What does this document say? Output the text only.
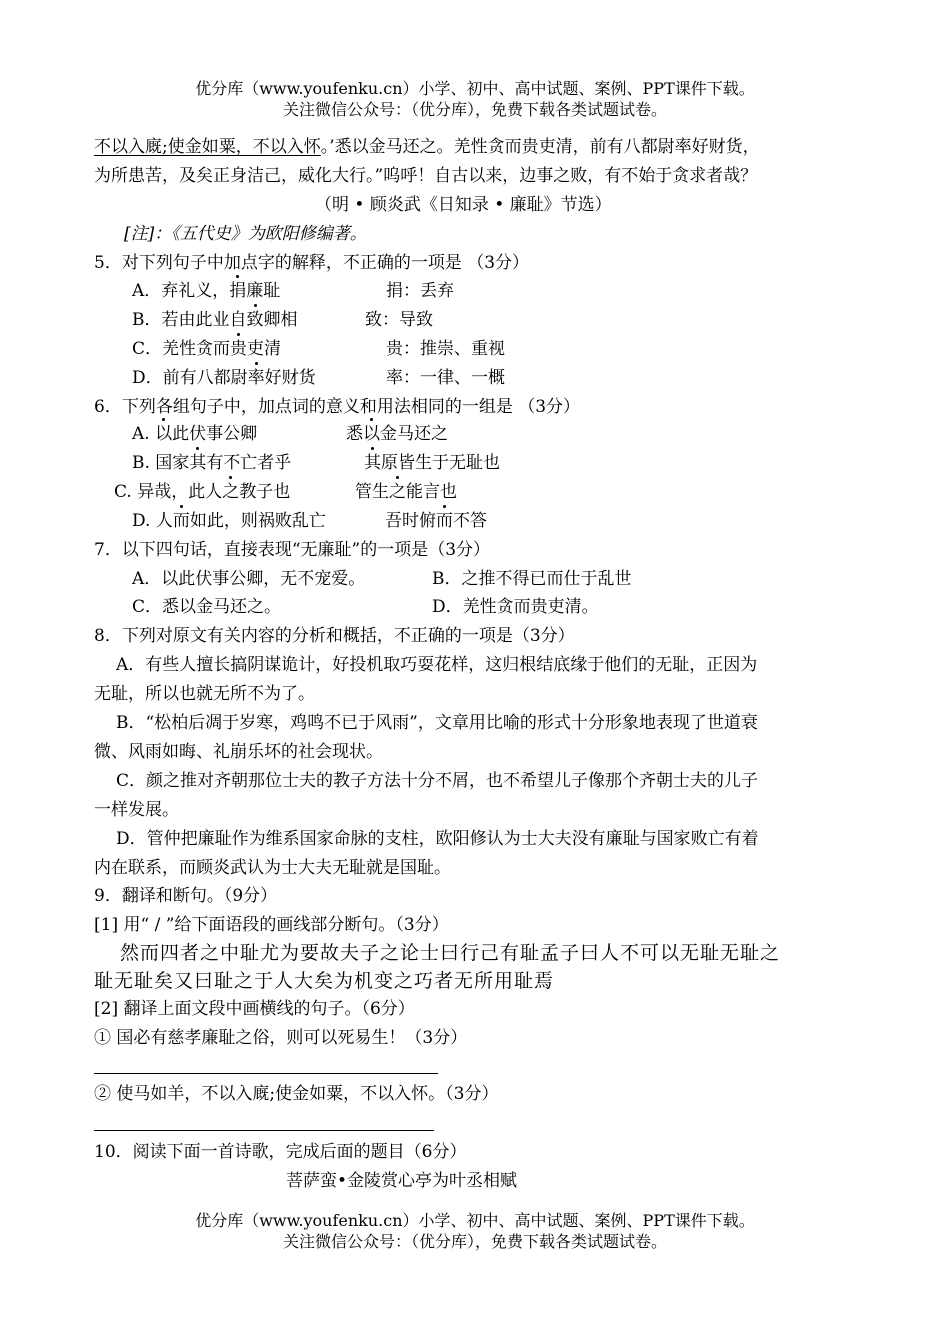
优分库（www.youfenku.cn）小学、初中、高中试题、案例、PPT课件下载。
关注微信公众号：（优分库），免费下载各类试题试卷。
不以入廐;使金如粟，不以入怀。’悉以金马还之。羌性贪而贵吏清，前有八都尉率好财货，
为所患苦，及矣正身洁己，威化大行。”呜呼！自古以来，边事之败，有不始于贪求者哉？
（明 • 顾炎武《日知录 • 廉耻》节选）
[注]：《五代史》为欧阳修编著。
5．对下列句子中加点字的解释，不正确的一项是 （3分）
A．弃礼义，捐廉耻	捐：丢弃
B．若由此业自致卿相	致：导致
C．羌性贪而贵吏清	贵：推崇、重视
D．前有八都尉率好财货	率：一律、一概
6．下列各组句子中，加点词的意义和用法相同的一组是 （3分）
A. 以此伏事公卿	悉以金马还之
B. 国家其有不亡者乎	其原皆生于无耻也
C. 异哉，此人之教子也	管生之能言也
D. 人而如此，则祸败乱亡	吾时俯而不答
7．以下四句话，直接表现“无廉耻”的一项是（3分）
A．以此伏事公卿，无不宠爱。	B．之推不得已而仕于乱世
C．悉以金马还之。	D．羌性贪而贵吏清。
8．下列对原文有关内容的分析和概括，不正确的一项是（3分）
A．有些人擅长搞阴谋诡计，好投机取巧耍花样，这归根结底缘于他们的无耻，正因为
无耻，所以也就无所不为了。
B．“松柏后凋于岁寒，鸡鸣不已于风雨”，文章用比喻的形式十分形象地表现了世道衰
微、风雨如晦、礼崩乐坏的社会现状。
C．颜之推对齐朝那位士夫的教子方法十分不屑，也不希望儿子像那个齐朝士夫的儿子
一样发展。
D．管仲把廉耻作为维系国家命脉的支柱，欧阳修认为士大夫没有廉耻与国家败亡有着
内在联系，而顾炎武认为士大夫无耻就是国耻。
9．翻译和断句。（9分）
[1] 用“ / ”给下面语段的画线部分断句。（3分）
然而四者之中耻尤为要故夫子之论士曰行己有耻孟子曰人不可以无耻无耻之
耻无耻矣又曰耻之于人大矣为机变之巧者无所用耻焉
[2] 翻译上面文段中画横线的句子。（6分）
① 国必有慈孝廉耻之俗，则可以死易生！（3分）
② 使马如羊，不以入廐;使金如粟，不以入怀。（3分）
10．阅读下面一首诗歌，完成后面的题目（6分）
菩萨蛮•金陵赏心亭为叶丞相赋
优分库（www.youfenku.cn）小学、初中、高中试题、案例、PPT课件下载。
关注微信公众号：（优分库），免费下载各类试题试卷。
